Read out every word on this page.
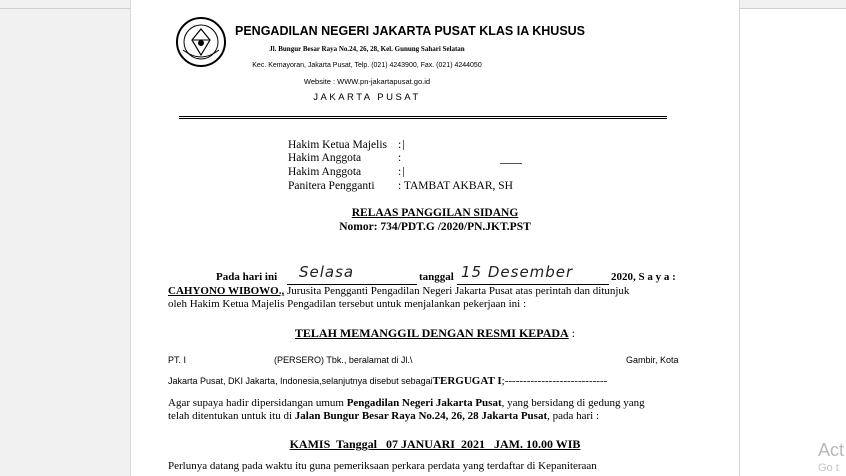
PENGADILAN NEGERI JAKARTA PUSAT KLAS IA KHUSUS
Jl. Bungur Besar Raya No.24, 26, 28, Kel. Gunung Sahari Selatan
Kec. Kemayoran, Jakarta Pusat, Telp. (021) 4243900, Fax. (021) 4244050
Website : WWW.pn-jakartapusat.go.id
JAKARTA PUSAT
Hakim Ketua Majelis :
Hakim Anggota	:
Hakim Anggota	:
Panitera Pengganti : TAMBAT AKBAR, SH
RELAAS PANGGILAN SIDANG
Nomor: 734/PDT.G /2020/PN.JKT.PST
Pada hari ini Selasa	tanggal 15 Desember	2020, S a y a :
CAHYONO WIBOWO., Jurusita Pengganti Pengadilan Negeri Jakarta Pusat atas perintah dan ditunjuk
oleh Hakim Ketua Majelis Pengadilan tersebut untuk menjalankan pekerjaan ini :
TELAH MEMANGGIL DENGAN RESMI KEPADA :
PT. I	(PERSERO) Tbk., beralamat di Jl.\	Gambir, Kota
Jakarta Pusat, DKI Jakarta, Indonesia,selanjutnya disebut sebagaiTERGUGAT I;----------------------------
Agar supaya hadir dipersidangan umum Pengadilan Negeri Jakarta Pusat, yang bersidang di gedung yang
telah ditentukan untuk itu di Jalan Bungur Besar Raya No.24, 26, 28 Jakarta Pusat, pada hari :
KAMIS  Tanggal   07 JANUARI  2021   JAM. 10.00 WIB
Perlunya datang pada waktu itu guna pemeriksaan perkara perdata yang terdaftar di Kepaniteraan
Act
Go t
